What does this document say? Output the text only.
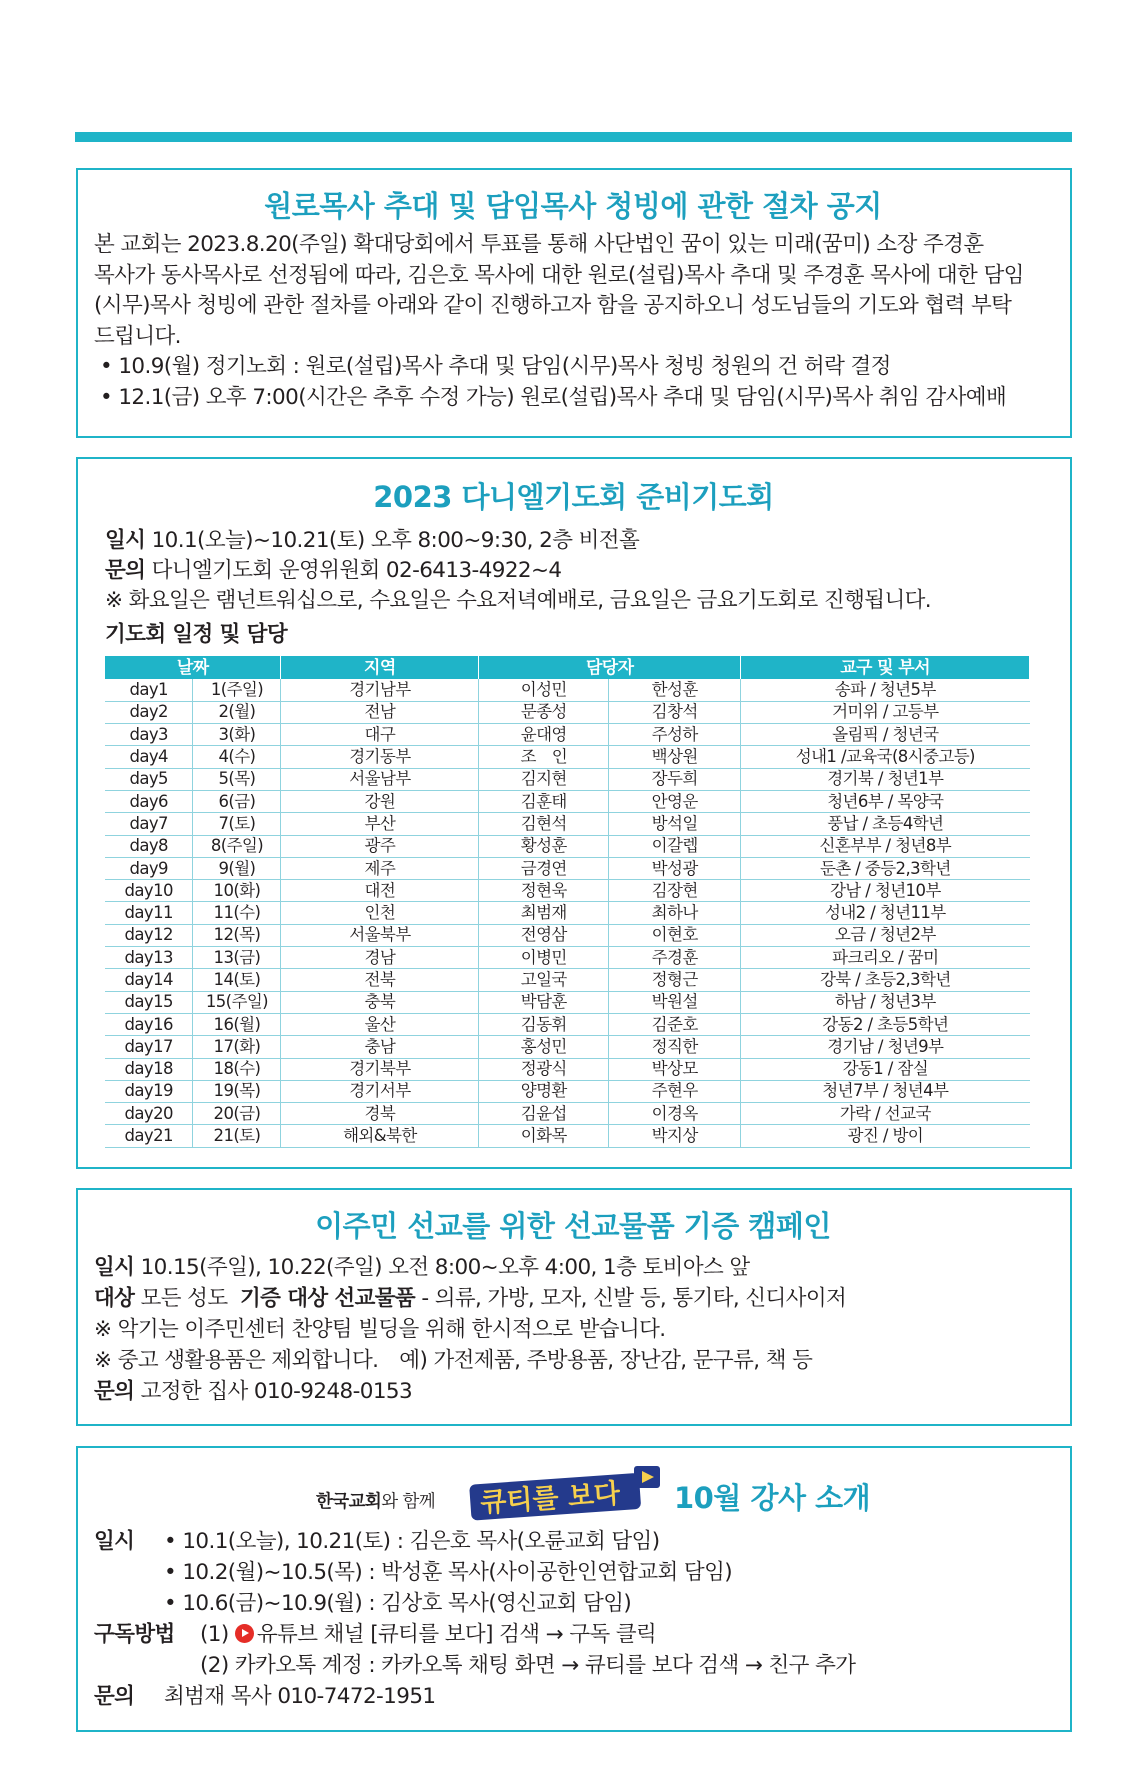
원로목사 추대 및 담임목사 청빙에 관한 절차 공지
본 교회는 2023.8.20(주일) 확대당회에서 투표를 통해 사단법인 꿈이 있는 미래(꿈미) 소장 주경훈
목사가 동사목사로 선정됨에 따라, 김은호 목사에 대한 원로(설립)목사 추대 및 주경훈 목사에 대한 담임
(시무)목사 청빙에 관한 절차를 아래와 같이 진행하고자 함을 공지하오니 성도님들의 기도와 협력 부탁
드립니다.
• 10.9(월) 정기노회 : 원로(설립)목사 추대 및 담임(시무)목사 청빙 청원의 건 허락 결정
• 12.1(금) 오후 7:00(시간은 추후 수정 가능) 원로(설립)목사 추대 및 담임(시무)목사 취임 감사예배
2023 다니엘기도회 준비기도회
일시 10.1(오늘)~10.21(토) 오후 8:00~9:30, 2층 비전홀
문의 다니엘기도회 운영위원회 02-6413-4922~4
※ 화요일은 램넌트워십으로, 수요일은 수요저녁예배로, 금요일은 금요기도회로 진행됩니다.
기도회 일정 및 담당
날짜		지역	담당자		교구 및 부서
day1	1(주일)	경기남부	이성민	한성훈	송파 / 청년5부
day2	2(월)	전남	문종성	김창석	거미위 / 고등부
day3	3(화)	대구	윤대영	주성하	올림픽 / 청년국
day4	4(수)	경기동부	조　인	백상원	성내1 /교육국(8시중고등)
day5	5(목)	서울남부	김지현	장두희	경기북 / 청년1부
day6	6(금)	강원	김훈태	안영운	청년6부 / 목양국
day7	7(토)	부산	김현석	방석일	풍납 / 초등4학년
day8	8(주일)	광주	황성훈	이갈렙	신혼부부 / 청년8부
day9	9(월)	제주	금경연	박성광	둔촌 / 중등2,3학년
day10	10(화)	대전	정현욱	김장현	강남 / 청년10부
day11	11(수)	인천	최범재	최하나	성내2 / 청년11부
day12	12(목)	서울북부	전영삼	이현호	오금 / 청년2부
day13	13(금)	경남	이병민	주경훈	파크리오 / 꿈미
day14	14(토)	전북	고일국	정형근	강북 / 초등2,3학년
day15	15(주일)	충북	박담훈	박원설	하남 / 청년3부
day16	16(월)	울산	김동휘	김준호	강동2 / 초등5학년
day17	17(화)	충남	홍성민	정직한	경기남 / 청년9부
day18	18(수)	경기북부	정광식	박상모	강동1 / 잠실
day19	19(목)	경기서부	양명환	주현우	청년7부 / 청년4부
day20	20(금)	경북	김윤섭	이경옥	가락 / 선교국
day21	21(토)	해외&북한	이화목	박지상	광진 / 방이
이주민 선교를 위한 선교물품 기증 캠페인
일시 10.15(주일), 10.22(주일) 오전 8:00~오후 4:00, 1층 토비아스 앞
대상 모든 성도 기증 대상 선교물품 - 의류, 가방, 모자, 신발 등, 통기타, 신디사이저
※ 악기는 이주민센터 찬양팀 빌딩을 위해 한시적으로 받습니다.
※ 중고 생활용품은 제외합니다.　예) 가전제품, 주방용품, 장난감, 문구류, 책 등
문의 고정한 집사 010-9248-0153
한국교회와 함께 큐티를 보다 10월 강사 소개
일시	• 10.1(오늘), 10.21(토) : 김은호 목사(오륜교회 담임)
• 10.2(월)~10.5(목) : 박성훈 목사(사이공한인연합교회 담임)
• 10.6(금)~10.9(월) : 김상호 목사(영신교회 담임)
구독방법	(1) 유튜브 채널 [큐티를 보다] 검색 → 구독 클릭
(2) 카카오톡 계정 : 카카오톡 채팅 화면 → 큐티를 보다 검색 → 친구 추가
문의	최범재 목사 010-7472-1951
